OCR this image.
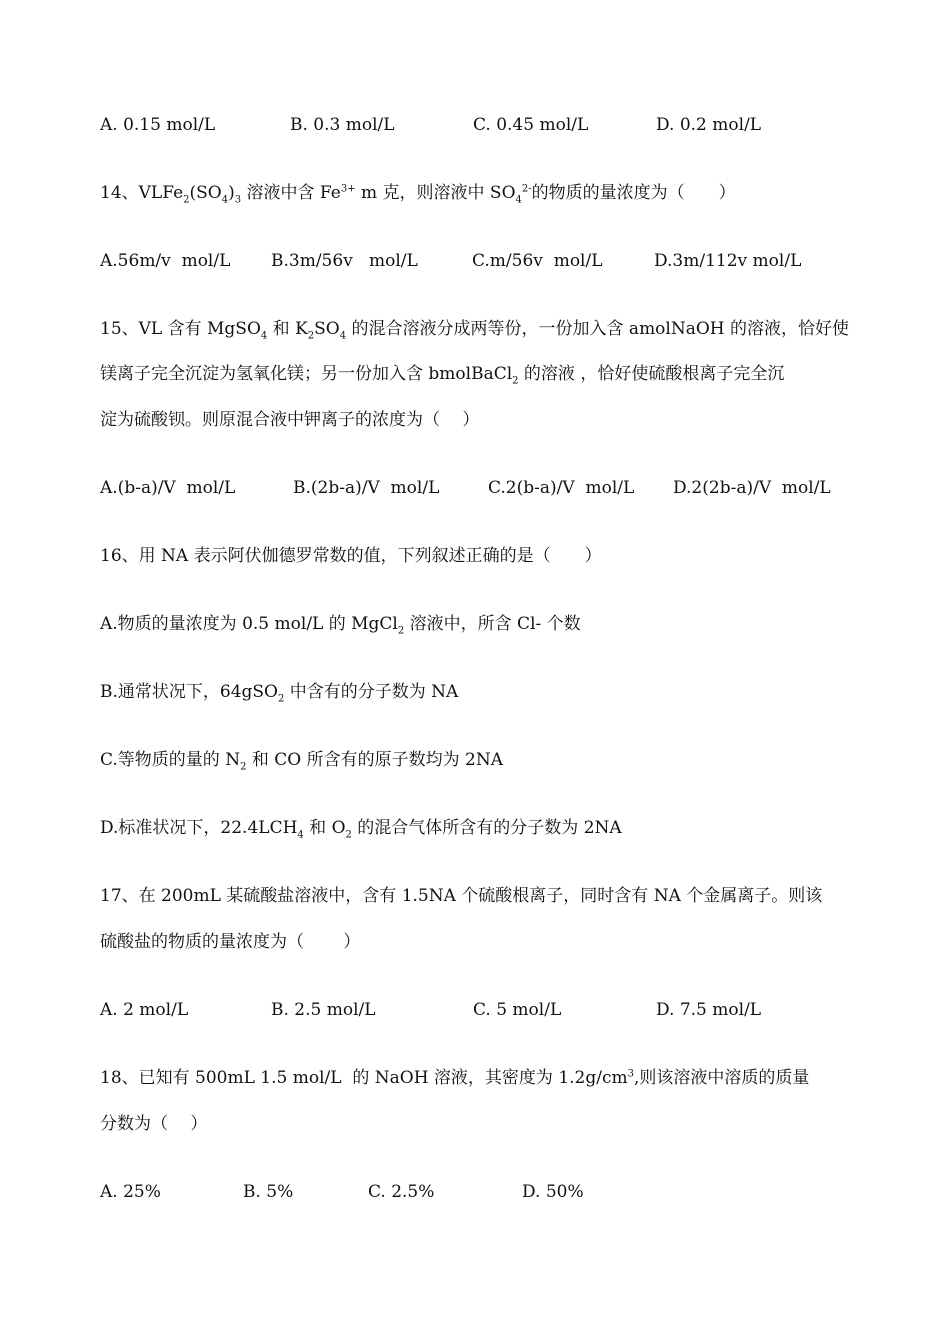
A. 0.15 mol/L	B. 0.3 mol/L	C. 0.45 mol/L	D. 0.2 mol/L
14、$VLFe_2(SO_4)_3$ 溶液中含 $Fe^{3+}$ m 克，则溶液中 $SO_4^{2-}$的物质的量浓度为（　　）
A.56m/v  mol/L B.3m/56v   mol/L	C.m/56v  mol/L	D.3m/112v mol/L
15、VL 含有 MgSO$_4$ 和 $K_2SO_4$ 的混合溶液分成两等份，一份加入含 amolNaOH 的溶液，恰好使
镁离子完全沉淀为氢氧化镁；另一份加入含 bmolBaCl$_2$ 的溶液 ，恰好使硫酸根离子完全沉
淀为硫酸钡。则原混合液中钾离子的浓度为（　 ）
A.(b-a)/V  mol/L	B.(2b-a)/V  mol/L	C.2(b-a)/V  mol/L D.2(2b-a)/V  mol/L
16、用 NA 表示阿伏伽德罗常数的值，下列叙述正确的是（　　）
A.物质的量浓度为 0.5 mol/L 的 MgCl$_2$ 溶液中，所含 Cl- 个数
B.通常状况下，64gSO$_2$ 中含有的分子数为 NA
C.等物质的量的 $N_2$ 和 CO 所含有的原子数均为 2NA
D.标准状况下，$22.4LCH_4$ 和 $O_2$ 的混合气体所含有的分子数为 2NA
17、在 200mL 某硫酸盐溶液中，含有 1.5NA 个硫酸根离子，同时含有 NA 个金属离子。则该
硫酸盐的物质的量浓度为（　　 ）
A. 2 mol/L	B. 2.5 mol/L	C. 5 mol/L	D. 7.5 mol/L
18、已知有 500mL 1.5 mol/L  的 NaOH 溶液，其密度为 $1.2g/cm^3$,则该溶液中溶质的质量
分数为（　 ）
A. 25%	B. 5%	C. 2.5%	D. 50%
